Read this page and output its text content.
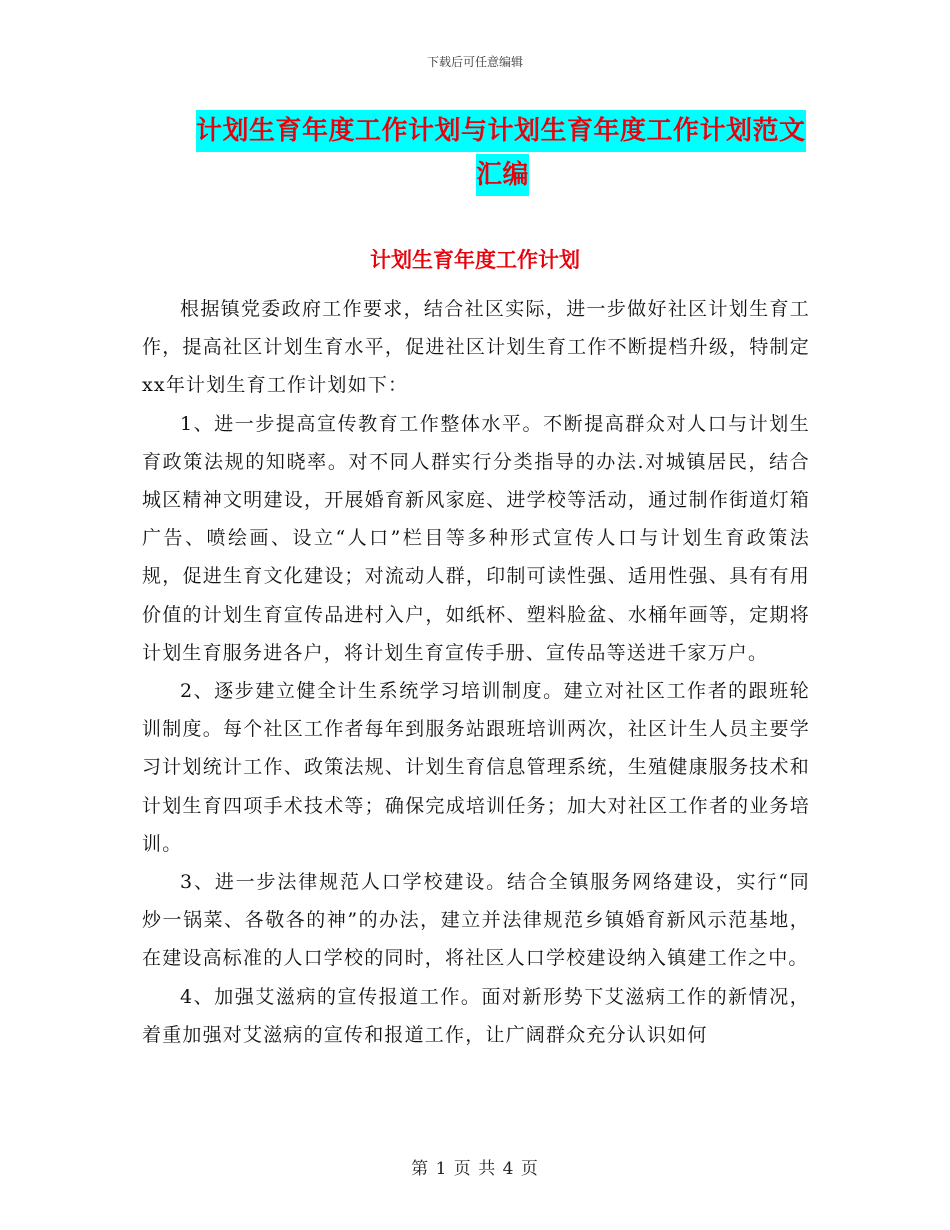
下载后可任意编辑
计划生育年度工作计划与计划生育年度工作计划范文
汇编
计划生育年度工作计划

根据镇党委政府工作要求，结合社区实际，进一步做好社区计划生育工作，提高社区计划生育水平，促进社区计划生育工作不断提档升级，特制定xx年计划生育工作计划如下：

1、进一步提高宣传教育工作整体水平。不断提高群众对人口与计划生育政策法规的知晓率。对不同人群实行分类指导的办法.对城镇居民，结合城区精神文明建设，开展婚育新风家庭、进学校等活动，通过制作街道灯箱广告、喷绘画、设立“人口”栏目等多种形式宣传人口与计划生育政策法规，促进生育文化建设；对流动人群，印制可读性强、适用性强、具有有用价值的计划生育宣传品进村入户，如纸杯、塑料脸盆、水桶年画等，定期将计划生育服务进各户，将计划生育宣传手册、宣传品等送进千家万户。

2、逐步建立健全计生系统学习培训制度。建立对社区工作者的跟班轮训制度。每个社区工作者每年到服务站跟班培训两次，社区计生人员主要学习计划统计工作、政策法规、计划生育信息管理系统，生殖健康服务技术和计划生育四项手术技术等；确保完成培训任务；加大对社区工作者的业务培训。

3、进一步法律规范人口学校建设。结合全镇服务网络建设，实行“同炒一锅菜、各敬各的神”的办法，建立并法律规范乡镇婚育新风示范基地，在建设高标准的人口学校的同时，将社区人口学校建设纳入镇建工作之中。

4、加强艾滋病的宣传报道工作。面对新形势下艾滋病工作的新情况，着重加强对艾滋病的宣传和报道工作，让广阔群众充分认识如何

第 1 页 共 4 页
